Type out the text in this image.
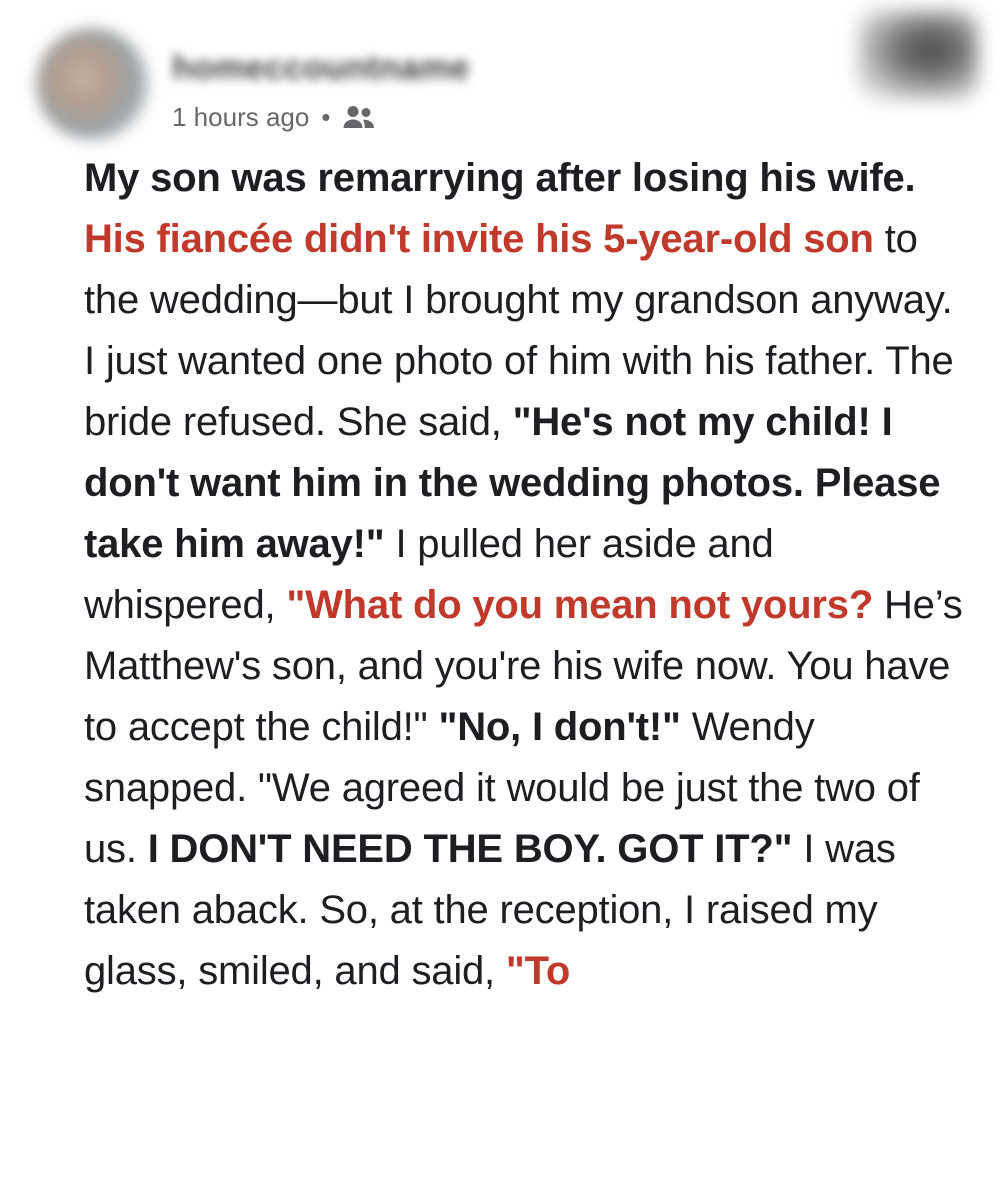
homeccountname
1 hours ago •
My son was remarrying after losing his wife. His fiancée didn't invite his 5-year-old son to the wedding—but I brought my grandson anyway. I just wanted one photo of him with his father. The bride refused. She said, "He's not my child! I don't want him in the wedding photos. Please take him away!" I pulled her aside and whispered, "What do you mean not yours? He’s Matthew's son, and you're his wife now. You have to accept the child!" "No, I don't!" Wendy snapped. "We agreed it would be just the two of us. I DON'T NEED THE BOY. GOT IT?" I was taken aback. So, at the reception, I raised my glass, smiled, and said, "To
